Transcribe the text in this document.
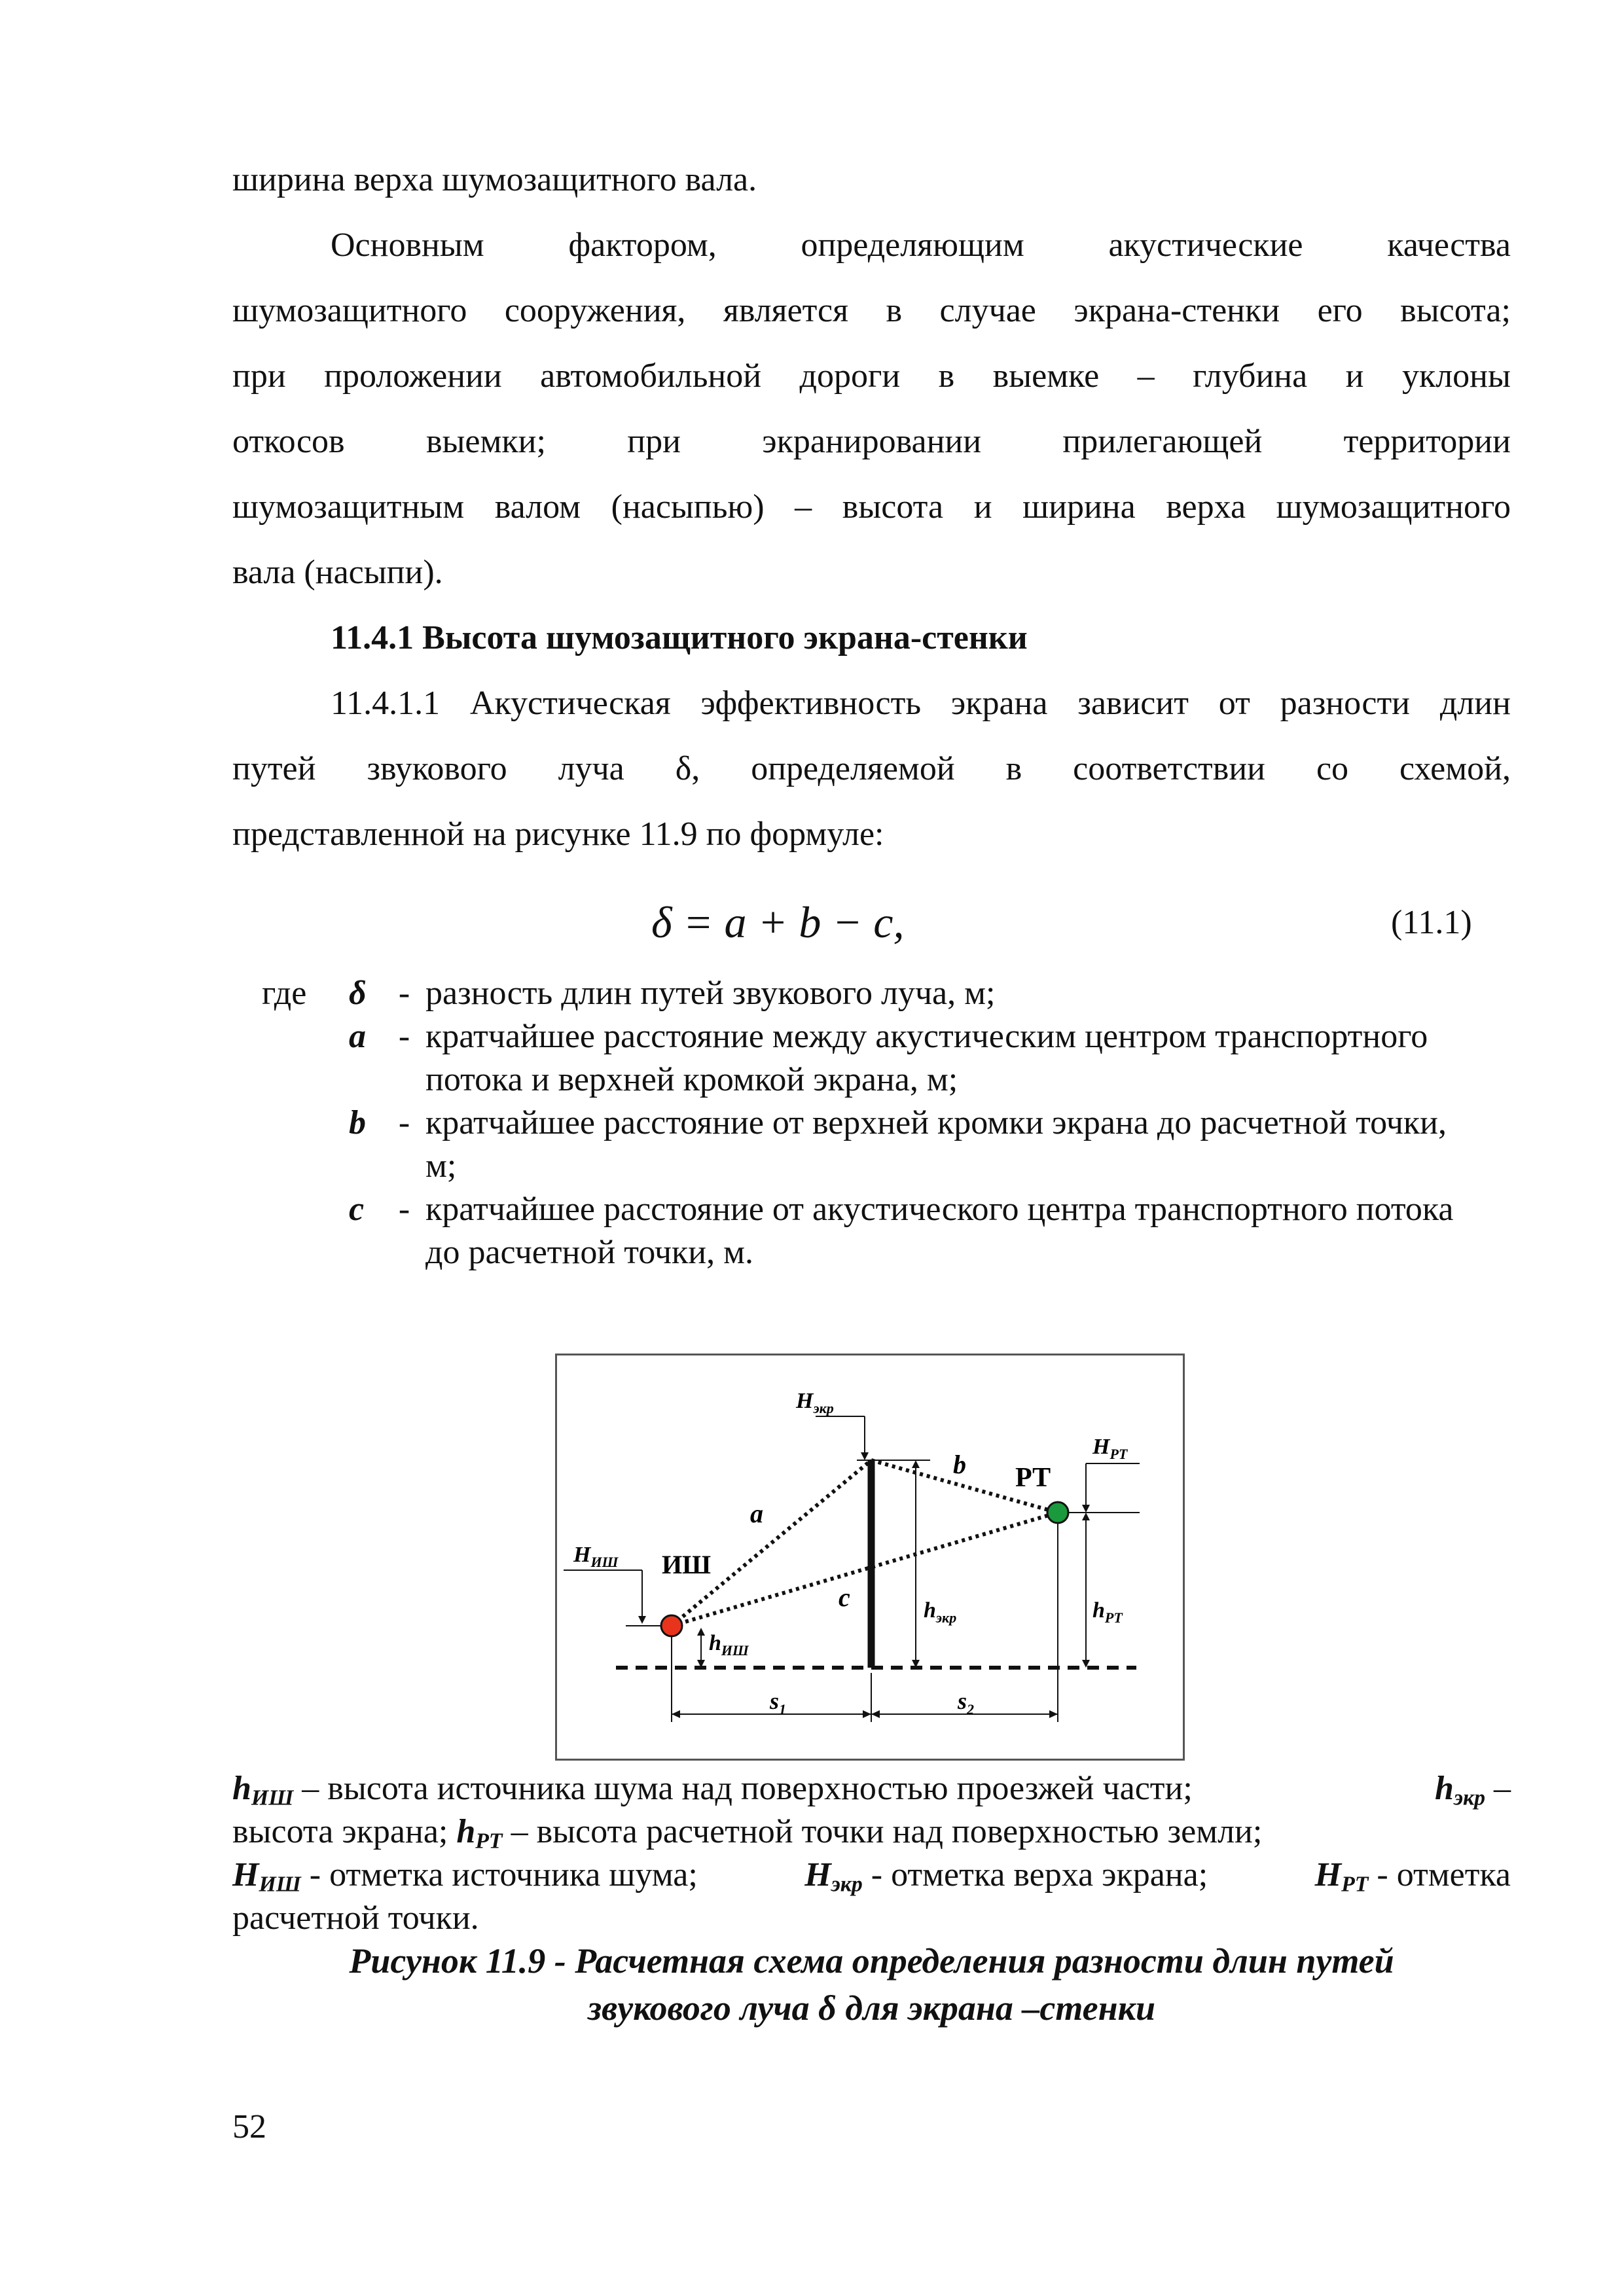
ширина верха шумозащитного вала.
Основным фактором, определяющим акустические качества
шумозащитного сооружения, является в случае экрана-стенки его высота;
при проложении автомобильной дороги в выемке – глубина и уклоны
откосов выемки; при экранировании прилегающей территории
шумозащитным валом (насыпью) – высота и ширина верха шумозащитного
вала (насыпи).
11.4.1 Высота шумозащитного экрана-стенки
11.4.1.1 Акустическая эффективность экрана зависит от разности длин
путей звукового луча δ, определяемой в соответствии со схемой,
представленной на рисунке 11.9 по формуле:
δ = a + b − c,	(11.1)
где	δ - разность длин путей звукового луча, м;
a - кратчайшее расстояние между акустическим центром транспортного потока и верхней кромкой экрана, м;
b - кратчайшее расстояние от верхней кромки экрана до расчетной точки, м;
c	- кратчайшее расстояние от акустического центра транспортного потока до расчетной точки, м.
$H_{экр}$
b РТ
$H_{РТ}$
a
$H_{ИШ}$ ИШ
c	$h_{экр}$	$h_{РТ}$
$h_{ИШ}$
$s_1$	$s_2$
$h_{ИШ}$ – высота источника шума над поверхностью проезжей части;	$h_{экр}$ –
высота экрана; $h_{РТ}$ – высота расчетной точки над поверхностью земли;
$H_{ИШ}$ - отметка источника шума;	$H_{экр}$ - отметка верха экрана;	$H_{РТ}$ - отметка
расчетной точки.
Рисунок 11.9 - Расчетная схема определения разности длин путей
звукового луча δ для экрана –стенки
52
